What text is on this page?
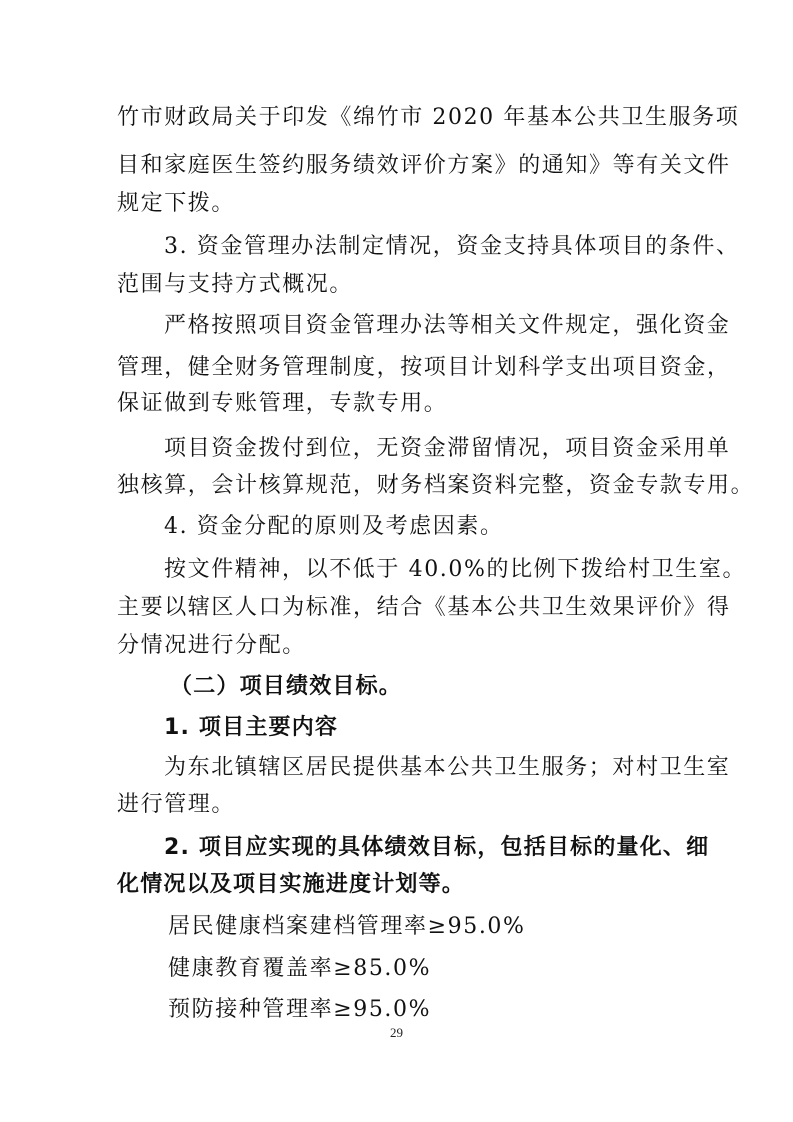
竹市财政局关于印发《绵竹市 2020 年基本公共卫生服务项
目和家庭医生签约服务绩效评价方案》的通知》等有关文件
规定下拨。
3. 资金管理办法制定情况，资金支持具体项目的条件、
范围与支持方式概况。
严格按照项目资金管理办法等相关文件规定，强化资金
管理，健全财务管理制度，按项目计划科学支出项目资金，
保证做到专账管理，专款专用。
项目资金拨付到位，无资金滞留情况，项目资金采用单
独核算，会计核算规范，财务档案资料完整，资金专款专用。
4. 资金分配的原则及考虑因素。
按文件精神，以不低于 40.0%的比例下拨给村卫生室。
主要以辖区人口为标准，结合《基本公共卫生效果评价》得
分情况进行分配。
（二）项目绩效目标。
1. 项目主要内容
为东北镇辖区居民提供基本公共卫生服务；对村卫生室
进行管理。
2. 项目应实现的具体绩效目标，包括目标的量化、细
化情况以及项目实施进度计划等。
居民健康档案建档管理率≥95.0%
健康教育覆盖率≥85.0%
预防接种管理率≥95.0%
29
